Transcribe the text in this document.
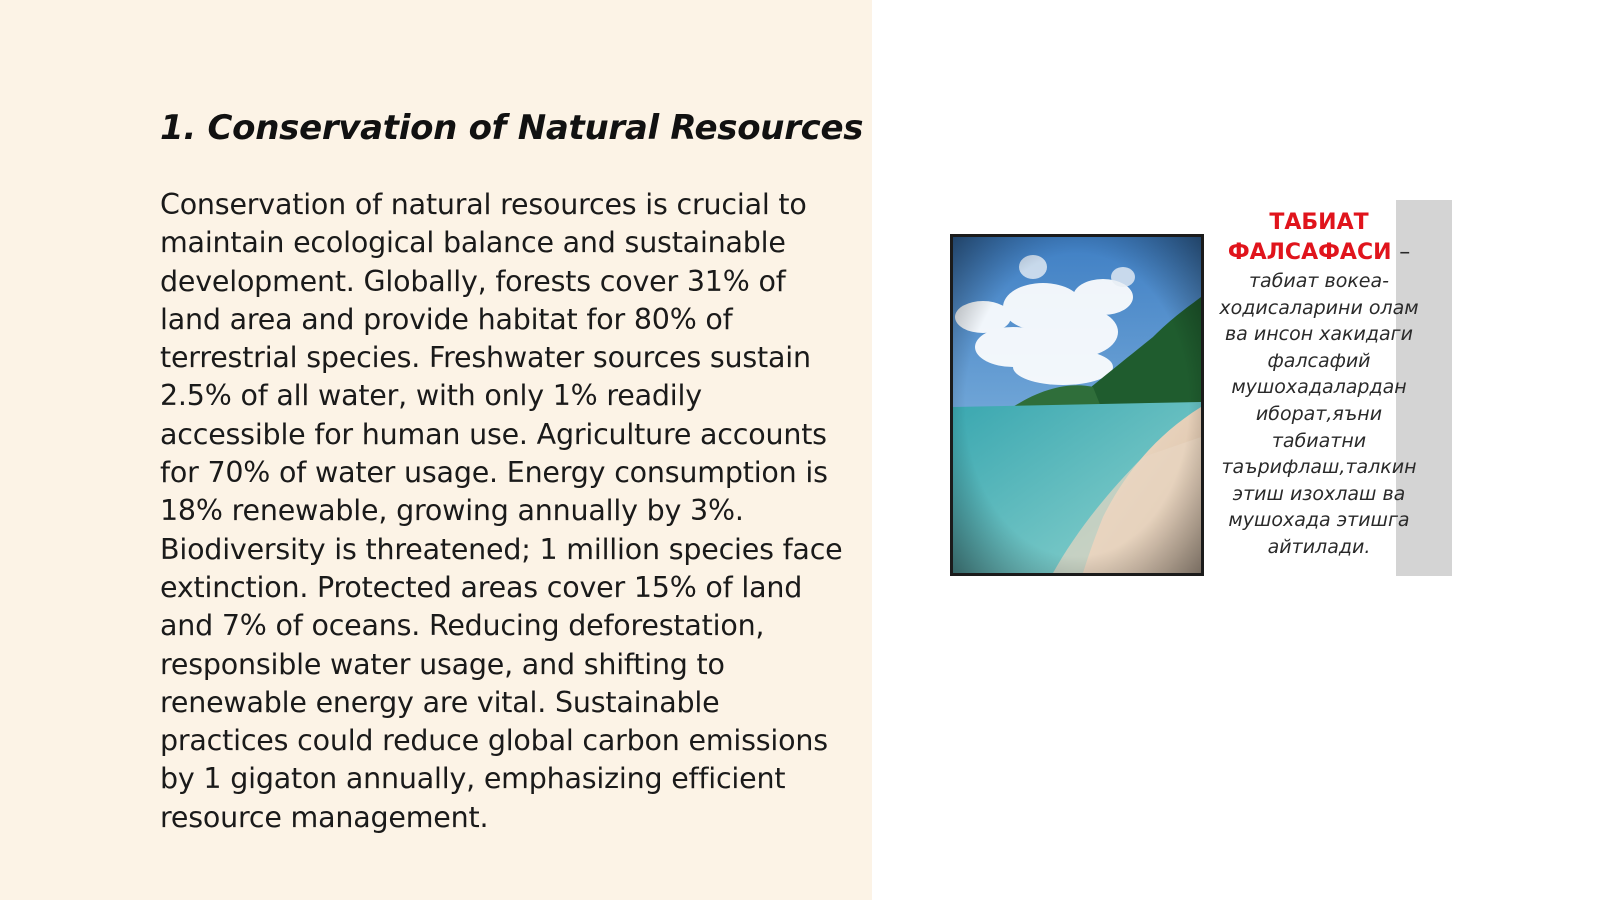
1. Conservation of Natural Resources

Conservation of natural resources is crucial to maintain ecological balance and sustainable development. Globally, forests cover 31% of land area and provide habitat for 80% of terrestrial species. Freshwater sources sustain 2.5% of all water, with only 1% readily accessible for human use. Agriculture accounts for 70% of water usage. Energy consumption is 18% renewable, growing annually by 3%. Biodiversity is threatened; 1 million species face extinction. Protected areas cover 15% of land and 7% of oceans. Reducing deforestation, responsible water usage, and shifting to renewable energy are vital. Sustainable practices could reduce global carbon emissions by 1 gigaton annually, emphasizing efficient resource management.

ТАБИАТ
ФАЛСАФАСИ –
табиат вокеа-
ходисаларини олам
ва инсон хакидаги
фалсафий
мушохадалардан
иборат,яъни
табиатни
таърифлаш,талкин
этиш изохлаш ва
мушохада этишга
айтилади.
